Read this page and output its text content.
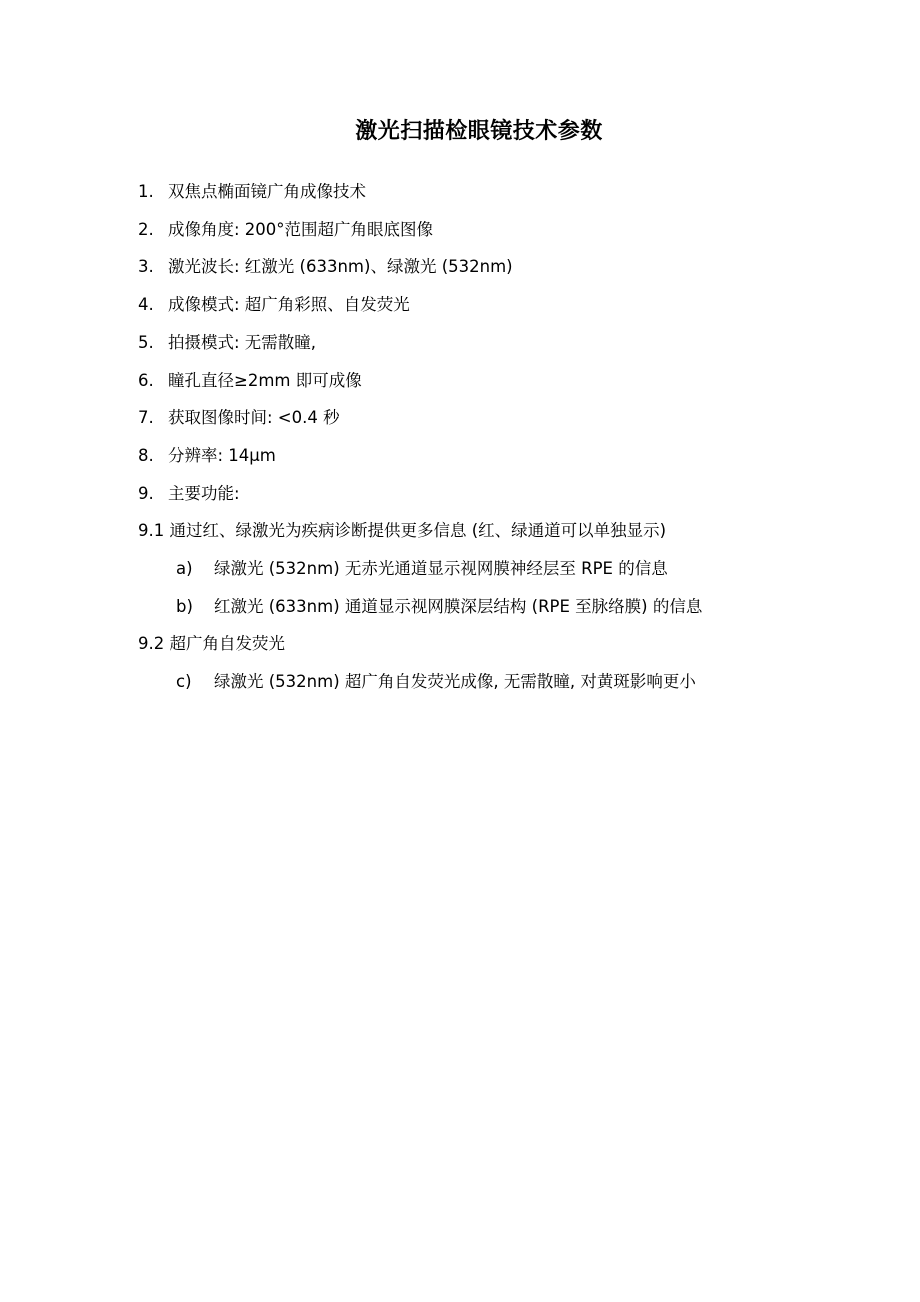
激光扫描检眼镜技术参数
1. 双焦点椭面镜广角成像技术
2. 成像角度: 200°范围超广角眼底图像
3. 激光波长: 红激光 (633nm)、绿激光 (532nm)
4. 成像模式: 超广角彩照、自发荧光
5. 拍摄模式: 无需散瞳,
6. 瞳孔直径≥2mm 即可成像
7. 获取图像时间: <0.4 秒
8. 分辨率: 14μm
9. 主要功能:
9.1 通过红、绿激光为疾病诊断提供更多信息 (红、绿通道可以单独显示)
a) 绿激光 (532nm) 无赤光通道显示视网膜神经层至 RPE 的信息
b) 红激光 (633nm) 通道显示视网膜深层结构 (RPE 至脉络膜) 的信息
9.2 超广角自发荧光
c) 绿激光 (532nm) 超广角自发荧光成像, 无需散瞳, 对黄斑影响更小
